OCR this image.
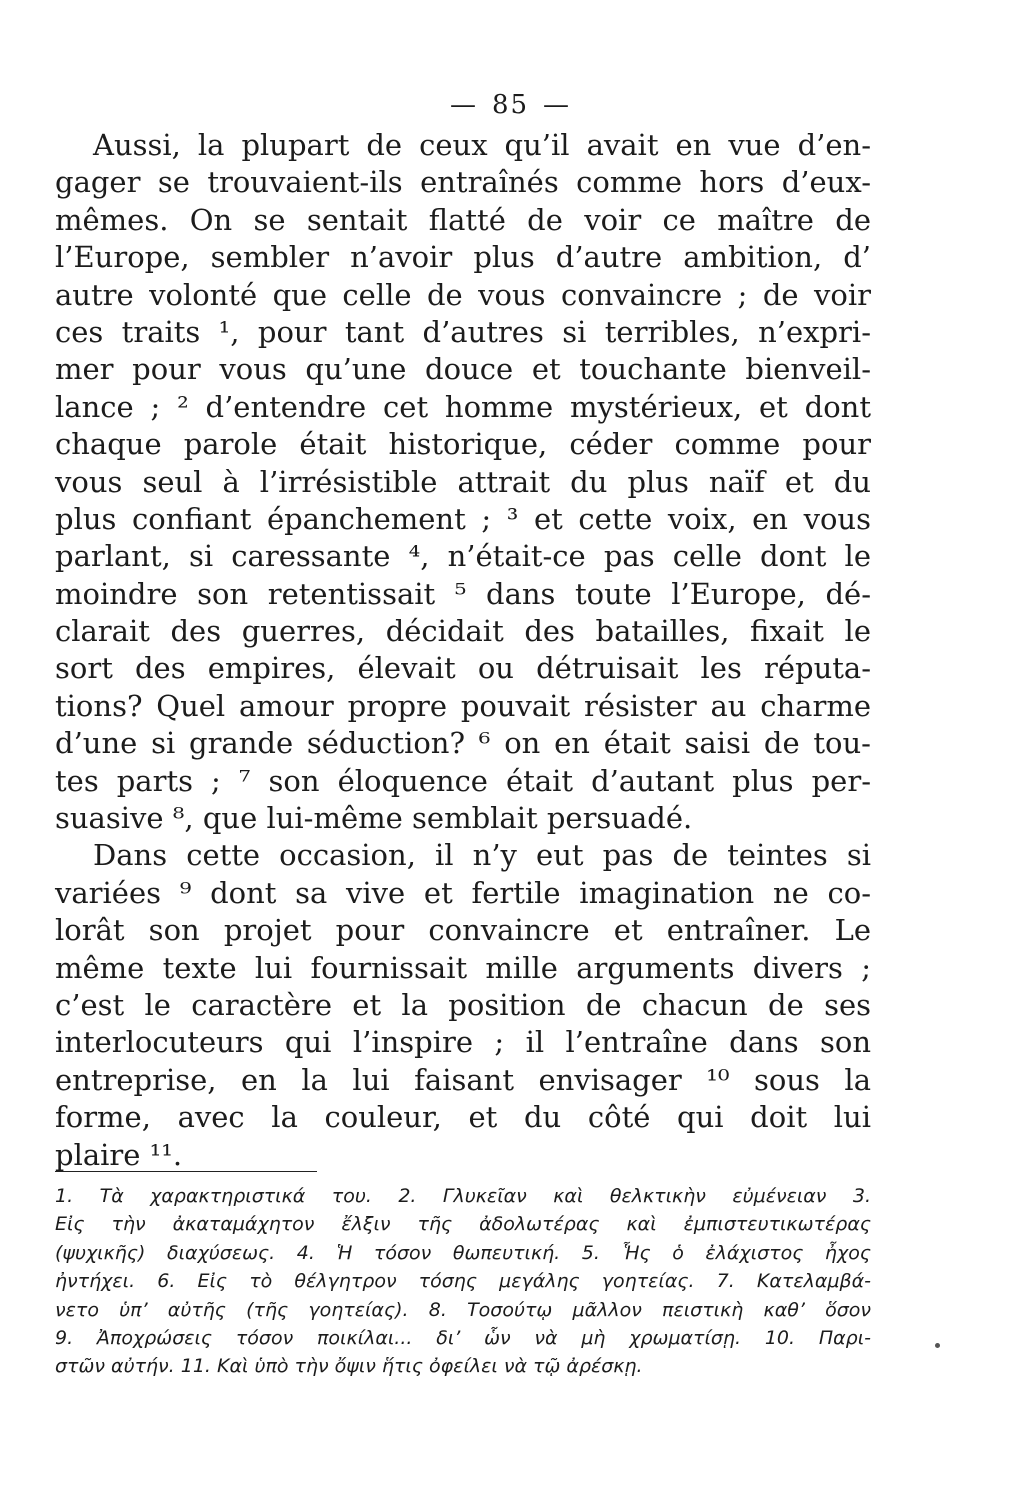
— 85 —
Aussi, la plupart de ceux qu’il avait en vue d’en-
gager se trouvaient-ils entraînés comme hors d’eux-
mêmes. On se sentait flatté de voir ce maître de
l’Europe, sembler n’avoir plus d’autre ambition, d’
autre volonté que celle de vous convaincre ; de voir
ces traits ¹, pour tant d’autres si terribles, n’expri-
mer pour vous qu’une douce et touchante bienveil-
lance ; ² d’entendre cet homme mystérieux, et dont
chaque parole était historique, céder comme pour
vous seul à l’irrésistible attrait du plus naïf et du
plus confiant épanchement ; ³ et cette voix, en vous
parlant, si caressante ⁴, n’était-ce pas celle dont le
moindre son retentissait ⁵ dans toute l’Europe, dé-
clarait des guerres, décidait des batailles, fixait le
sort des empires, élevait ou détruisait les réputa-
tions? Quel amour propre pouvait résister au charme
d’une si grande séduction? ⁶ on en était saisi de tou-
tes parts ; ⁷ son éloquence était d’autant plus per-
suasive ⁸, que lui-même semblait persuadé.
Dans cette occasion, il n’y eut pas de teintes si
variées ⁹ dont sa vive et fertile imagination ne co-
lorât son projet pour convaincre et entraîner. Le
même texte lui fournissait mille arguments divers ;
c’est le caractère et la position de chacun de ses
interlocuteurs qui l’inspire ; il l’entraîne dans son
entreprise, en la lui faisant envisager ¹⁰ sous la
forme, avec la couleur, et du côté qui doit lui
plaire ¹¹.
1. Τὰ χαρακτηριστικά του. 2. Γλυκεῖαν καὶ θελκτικὴν εὐμένειαν 3.
Εἰς τὴν ἀκαταμάχητον ἔλξιν τῆς ἀδολωτέρας καὶ ἐμπιστευτικωτέρας
(ψυχικῆς) διαχύσεως. 4. Ἡ τόσον θωπευτική. 5. Ἧς ὁ ἐλάχιστος ἦχος
ἠντήχει. 6. Εἰς τὸ θέλγητρον τόσης μεγάλης γοητείας. 7. Κατελαμβά-
νετο ὑπ’ αὐτῆς (τῆς γοητείας). 8. Τοσούτῳ μᾶλλον πειστικὴ καθ’ ὅσον
9. Ἀποχρώσεις τόσον ποικίλαι... δι’ ὧν νὰ μὴ χρωματίσῃ. 10. Παρι-
στῶν αὐτήν. 11. Καὶ ὑπὸ τὴν ὄψιν ἥτις ὀφείλει νὰ τῷ ἀρέσκῃ.
